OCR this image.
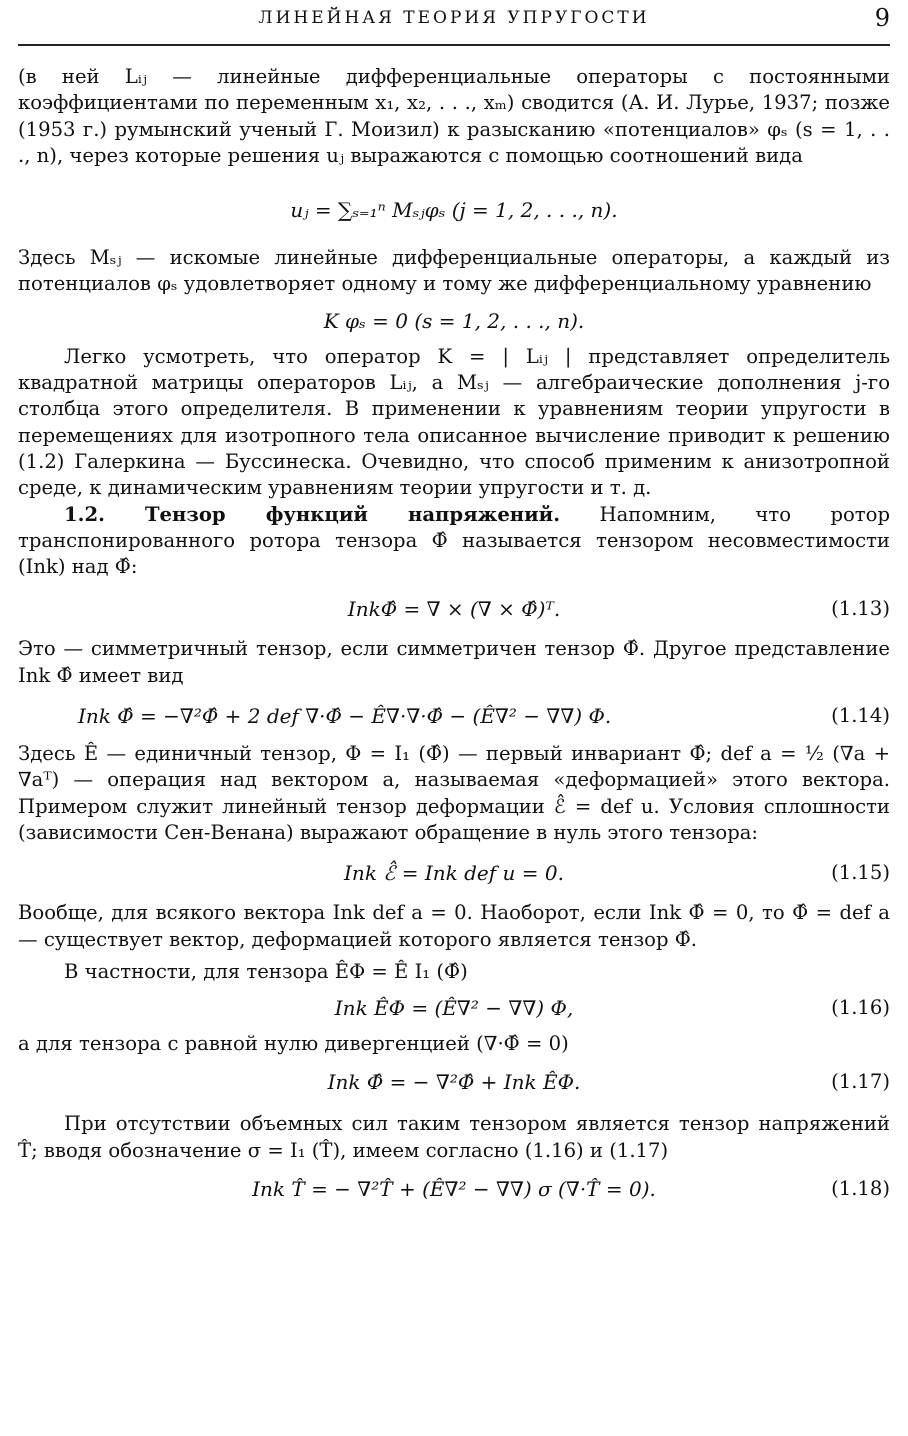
ЛИНЕЙНАЯ ТЕОРИЯ УПРУГОСТИ	9

(в ней Lᵢⱼ — линейные дифференциальные операторы с постоянными коэффициентами по переменным x₁, x₂, . . ., xₘ) сводится (А. И. Лурье, 1937; позже (1953 г.) румынский ученый Г. Моизил) к разысканию «потенциалов» φₛ (s = 1, . . ., n), через которые решения uⱼ выражаются с помощью соотношений вида

uⱼ = ∑ₛ₌₁ⁿ Mₛⱼφₛ (j = 1, 2, . . ., n).

Здесь Mₛⱼ — искомые линейные дифференциальные операторы, а каждый из потенциалов φₛ удовлетворяет одному и тому же дифференциальному уравнению

K φₛ = 0 (s = 1, 2, . . ., n).

Легко усмотреть, что оператор K = | Lᵢⱼ | представляет определитель квадратной матрицы операторов Lᵢⱼ, а Mₛⱼ — алгебраические дополнения j-го столбца этого определителя. В применении к уравнениям теории упругости в перемещениях для изотропного тела описанное вычисление приводит к решению (1.2) Галеркина — Буссинеска. Очевидно, что способ применим к анизотропной среде, к динамическим уравнениям теории упругости и т. д.

1.2. Тензор функций напряжений. Напомним, что ротор транспонированного ротора тензора Φ̂ называется тензором несовместимости (Ink) над Φ̂:

InkΦ̂ = ∇ × (∇ × Φ̂)ᵀ.	(1.13)

Это — симметричный тензор, если симметричен тензор Φ̂. Другое представление Ink Φ̂ имеет вид

Ink Φ̂ = −∇²Φ̂ + 2 def ∇·Φ̂ − Ê∇·∇·Φ̂ − (Ê∇² − ∇∇) Φ.	(1.14)

Здесь Ê — единичный тензор, Φ = I₁ (Φ̂) — первый инвариант Φ̂; def a = ½ (∇a + ∇aᵀ) — операция над вектором a, называемая «деформацией» этого вектора. Примером служит линейный тензор деформации ℰ̂ = def u. Условия сплошности (зависимости Сен-Венана) выражают обращение в нуль этого тензора:

Ink ℰ̂ = Ink def u = 0.	(1.15)

Вообще, для всякого вектора Ink def a = 0. Наоборот, если Ink Φ̂ = 0, то Φ̂ = def a — существует вектор, деформацией которого является тензор Φ̂.

В частности, для тензора ÊΦ = Ê I₁ (Φ̂)

Ink ÊΦ = (Ê∇² − ∇∇) Φ,	(1.16)

а для тензора с равной нулю дивергенцией (∇·Φ̂ = 0)

Ink Φ̂ = − ∇²Φ̂ + Ink ÊΦ.	(1.17)

При отсутствии объемных сил таким тензором является тензор напряжений T̂; вводя обозначение σ = I₁ (T̂), имеем согласно (1.16) и (1.17)

Ink T̂ = − ∇²T̂ + (Ê∇² − ∇∇) σ (∇·T̂ = 0).	(1.18)
